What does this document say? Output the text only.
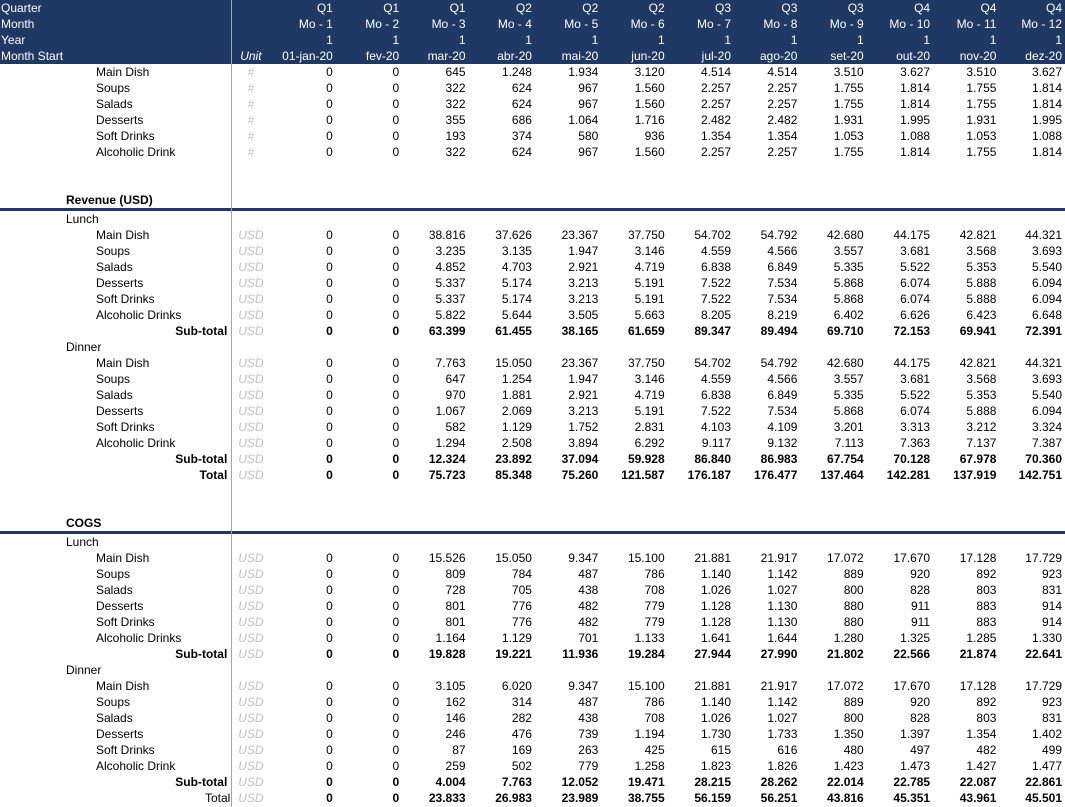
Quarter		Q1	Q1	Q1	Q2	Q2	Q2	Q3	Q3	Q3	Q4	Q4	Q4
Month		Mo - 1	Mo - 2	Mo - 3	Mo - 4	Mo - 5	Mo - 6	Mo - 7	Mo - 8	Mo - 9	Mo - 10	Mo - 11	Mo - 12
Year		1	1	1	1	1	1	1	1	1	1	1	1
Month Start	Unit	01-jan-20	fev-20	mar-20	abr-20	mai-20	jun-20	jul-20	ago-20	set-20	out-20	nov-20	dez-20
Main Dish	#	0	0	645	1.248	1.934	3.120	4.514	4.514	3.510	3.627	3.510	3.627
Soups	#	0	0	322	624	967	1.560	2.257	2.257	1.755	1.814	1.755	1.814
Salads	#	0	0	322	624	967	1.560	2.257	2.257	1.755	1.814	1.755	1.814
Desserts	#	0	0	355	686	1.064	1.716	2.482	2.482	1.931	1.995	1.931	1.995
Soft Drinks	#	0	0	193	374	580	936	1.354	1.354	1.053	1.088	1.053	1.088
Alcoholic Drink	#	0	0	322	624	967	1.560	2.257	2.257	1.755	1.814	1.755	1.814

Revenue (USD)													
Lunch													
Main Dish	USD	0	0	38.816	37.626	23.367	37.750	54.702	54.792	42.680	44.175	42.821	44.321
Soups	USD	0	0	3.235	3.135	1.947	3.146	4.559	4.566	3.557	3.681	3.568	3.693
Salads	USD	0	0	4.852	4.703	2.921	4.719	6.838	6.849	5.335	5.522	5.353	5.540
Desserts	USD	0	0	5.337	5.174	3.213	5.191	7.522	7.534	5.868	6.074	5.888	6.094
Soft Drinks	USD	0	0	5.337	5.174	3.213	5.191	7.522	7.534	5.868	6.074	5.888	6.094
Alcoholic Drinks	USD	0	0	5.822	5.644	3.505	5.663	8.205	8.219	6.402	6.626	6.423	6.648
Sub-total	USD	0	0	63.399	61.455	38.165	61.659	89.347	89.494	69.710	72.153	69.941	72.391
Dinner													
Main Dish	USD	0	0	7.763	15.050	23.367	37.750	54.702	54.792	42.680	44.175	42.821	44.321
Soups	USD	0	0	647	1.254	1.947	3.146	4.559	4.566	3.557	3.681	3.568	3.693
Salads	USD	0	0	970	1.881	2.921	4.719	6.838	6.849	5.335	5.522	5.353	5.540
Desserts	USD	0	0	1.067	2.069	3.213	5.191	7.522	7.534	5.868	6.074	5.888	6.094
Soft Drinks	USD	0	0	582	1.129	1.752	2.831	4.103	4.109	3.201	3.313	3.212	3.324
Alcoholic Drink	USD	0	0	1.294	2.508	3.894	6.292	9.117	9.132	7.113	7.363	7.137	7.387
Sub-total	USD	0	0	12.324	23.892	37.094	59.928	86.840	86.983	67.754	70.128	67.978	70.360
Total	USD	0	0	75.723	85.348	75.260	121.587	176.187	176.477	137.464	142.281	137.919	142.751

COGS													
Lunch													
Main Dish	USD	0	0	15.526	15.050	9.347	15.100	21.881	21.917	17.072	17.670	17.128	17.729
Soups	USD	0	0	809	784	487	786	1.140	1.142	889	920	892	923
Salads	USD	0	0	728	705	438	708	1.026	1.027	800	828	803	831
Desserts	USD	0	0	801	776	482	779	1.128	1.130	880	911	883	914
Soft Drinks	USD	0	0	801	776	482	779	1.128	1.130	880	911	883	914
Alcoholic Drinks	USD	0	0	1.164	1.129	701	1.133	1.641	1.644	1.280	1.325	1.285	1.330
Sub-total	USD	0	0	19.828	19.221	11.936	19.284	27.944	27.990	21.802	22.566	21.874	22.641
Dinner													
Main Dish	USD	0	0	3.105	6.020	9.347	15.100	21.881	21.917	17.072	17.670	17.128	17.729
Soups	USD	0	0	162	314	487	786	1.140	1.142	889	920	892	923
Salads	USD	0	0	146	282	438	708	1.026	1.027	800	828	803	831
Desserts	USD	0	0	246	476	739	1.194	1.730	1.733	1.350	1.397	1.354	1.402
Soft Drinks	USD	0	0	87	169	263	425	615	616	480	497	482	499
Alcoholic Drink	USD	0	0	259	502	779	1.258	1.823	1.826	1.423	1.473	1.427	1.477
Sub-total	USD	0	0	4.004	7.763	12.052	19.471	28.215	28.262	22.014	22.785	22.087	22.861
Total	USD	0	0	23.833	26.983	23.989	38.755	56.159	56.251	43.816	45.351	43.961	45.501
